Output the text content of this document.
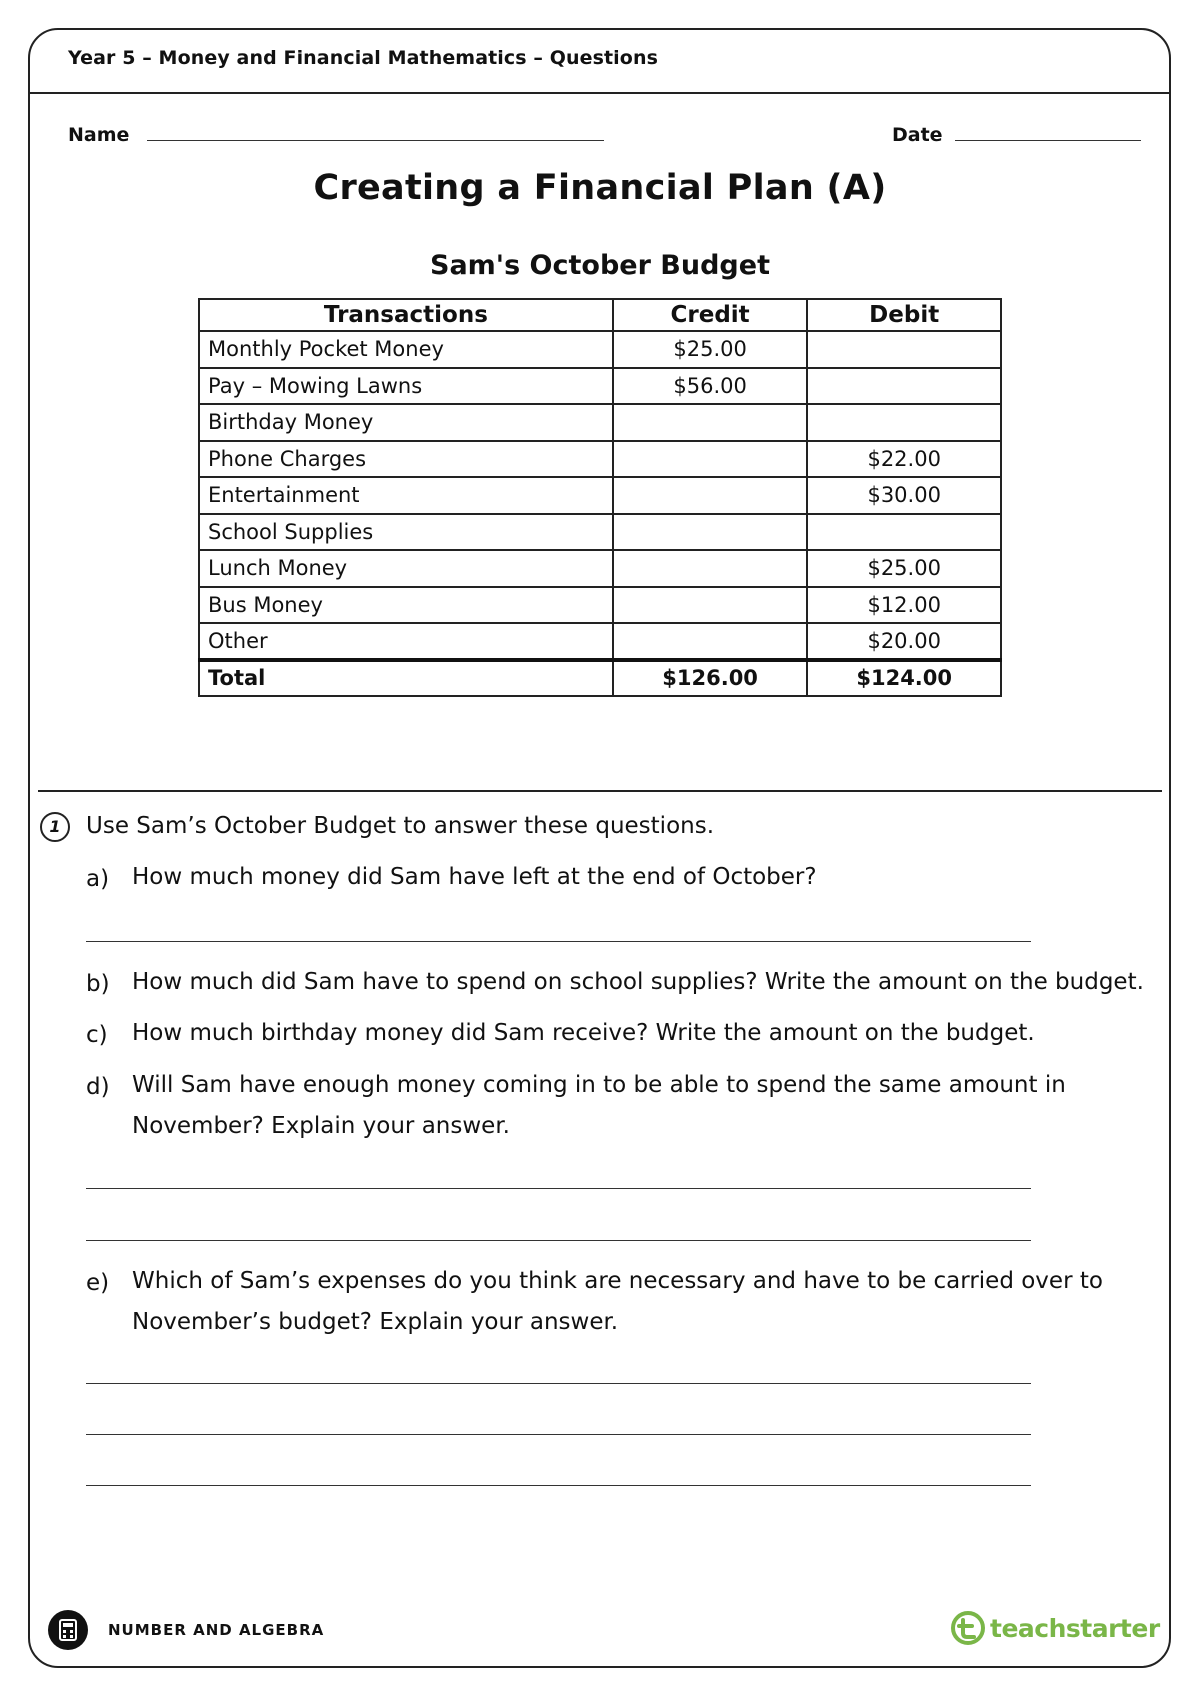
Year 5 – Money and Financial Mathematics – Questions
Name	Date
Creating a Financial Plan (A)
Sam's October Budget
Transactions	Credit	Debit
Monthly Pocket Money	$25.00	
Pay – Mowing Lawns	$56.00	
Birthday Money		
Phone Charges		$22.00
Entertainment		$30.00
School Supplies		
Lunch Money		$25.00
Bus Money		$12.00
Other		$20.00
Total	$126.00	$124.00
1	Use Sam’s October Budget to answer these questions.
a) How much money did Sam have left at the end of October?
b) How much did Sam have to spend on school supplies? Write the amount on the budget.
c) How much birthday money did Sam receive? Write the amount on the budget.
d) Will Sam have enough money coming in to be able to spend the same amount in
November? Explain your answer.
e) Which of Sam’s expenses do you think are necessary and have to be carried over to
November’s budget? Explain your answer.
NUMBER AND ALGEBRA	teachstarter
